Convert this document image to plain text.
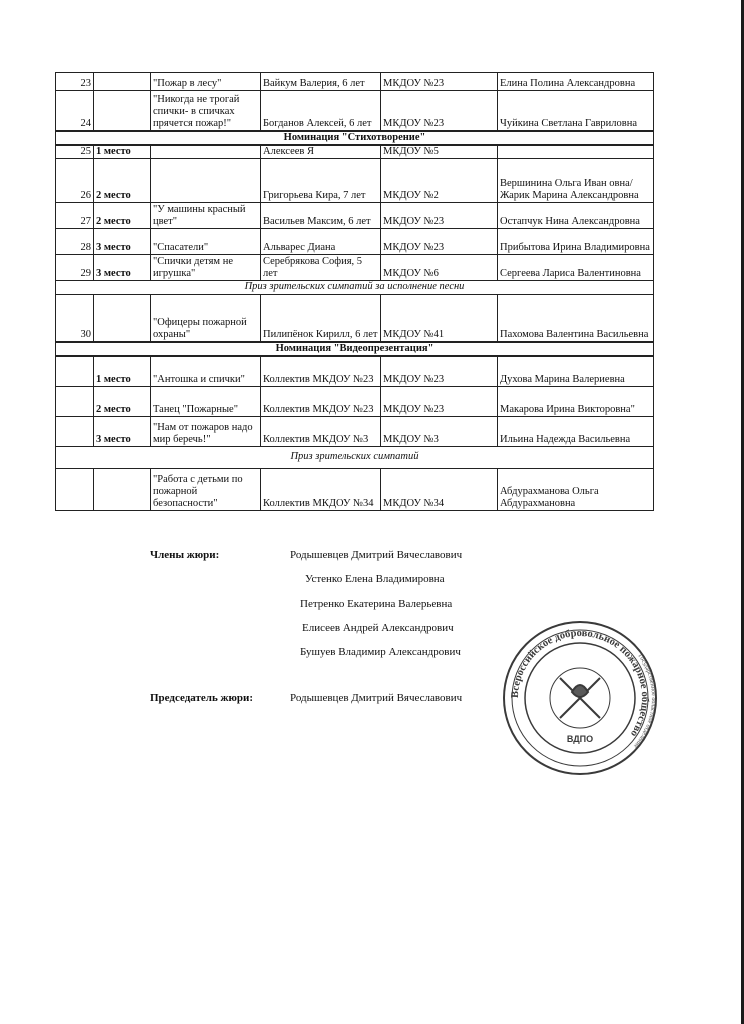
23		"Пожар в лесу"	Вайкум Валерия, 6 лет	МКДОУ №23	Елина Полина Александровна
24		"Никогда не трогай спички- в спичках прячется пожар!"	Богданов Алексей, 6 лет	МКДОУ №23	Чуйкина Светлана Гавриловна
Номинация "Стихотворение"					
25	1 место		Алексеев Я	МКДОУ №5	
26	2 место		Григорьева Кира, 7 лет	МКДОУ №2	Вершинина Ольга Иван овна/Жарик Марина Александровна
27	2 место	"У машины красный цвет"	Васильев Максим, 6 лет	МКДОУ №23	Остапчук Нина Александровна
28	3 место	"Спасатели"	Альварес Диана	МКДОУ №23	Прибытова Ирина Владимировна
29	3 место	"Спички детям не игрушка"	Серебрякова София, 5 лет	МКДОУ №6	Сергеева Лариса Валентиновна
Приз зрительских симпатий за исполнение песни					
30		"Офицеры пожарной охраны"	Пилипёнок Кирилл, 6 лет	МКДОУ №41	Пахомова Валентина Васильевна
Номинация "Видеопрезентация"					
	1 место	"Антошка и спички"	Коллектив МКДОУ №23	МКДОУ №23	Духова Марина Валериевна
	2 место	Танец "Пожарные"	Коллектив МКДОУ №23	МКДОУ №23	Макарова Ирина Викторовна"
	3 место	"Нам от пожаров надо мир беречь!"	Коллектив МКДОУ №3	МКДОУ №3	Ильина Надежда Васильевна
Приз зрительских симпатий					
		"Работа с детьми по пожарной безопасности"	Коллектив МКДОУ №34	МКДОУ №34	Абдурахманова Ольга Абдурахмановна
Члены жюри:	Родышевцев Дмитрий Вячеславович
Устенко Елена Владимировна
Петренко Екатерина Валерьевна
Елисеев Андрей Александрович
Бушуев Владимир Александрович
Председатель жюри:	Родышевцев Дмитрий Вячеславович	Всероссийское добровольное пожарное общество
Государственное областное отделение
ВДПО
